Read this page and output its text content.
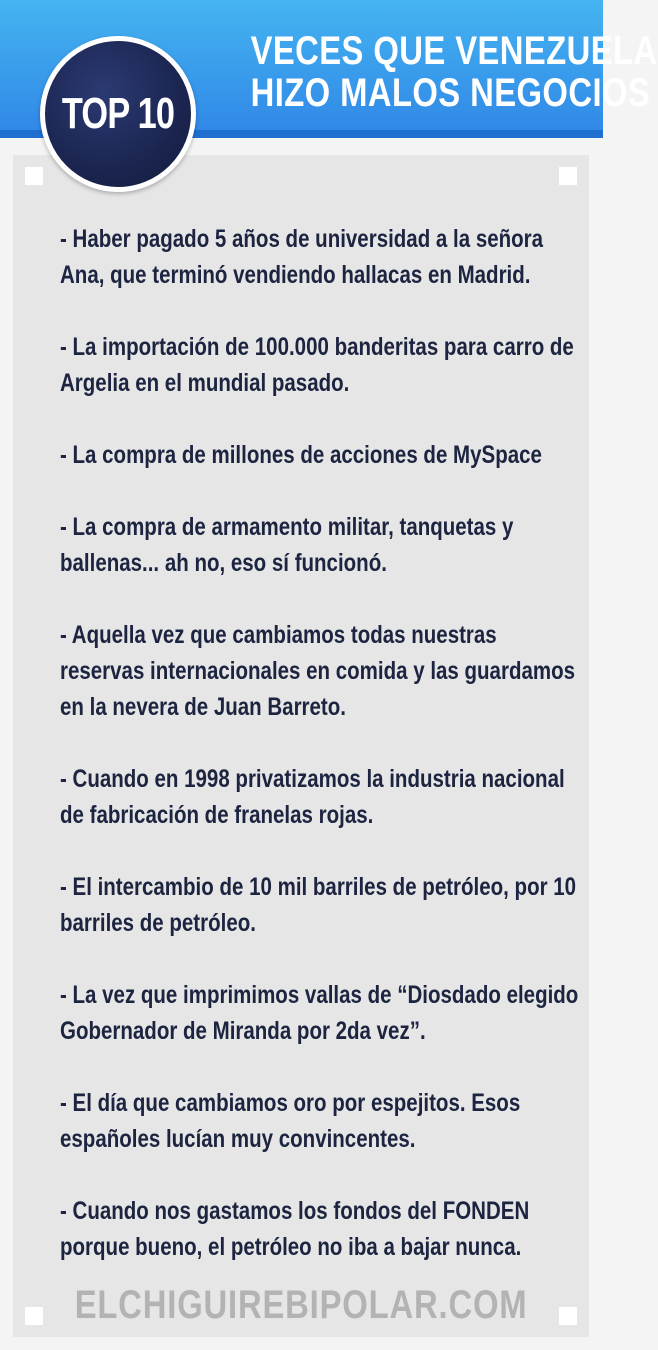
VECES QUE VENEZUELA
HIZO MALOS NEGOCIOS
TOP 10
- Haber pagado 5 años de universidad a la señora Ana, que terminó vendiendo hallacas en Madrid.
- La importación de 100.000 banderitas para carro de Argelia en el mundial pasado.
- La compra de millones de acciones de MySpace
- La compra de armamento militar, tanquetas y ballenas... ah no, eso sí funcionó.
- Aquella vez que cambiamos todas nuestras reservas internacionales en comida y las guardamos en la nevera de Juan Barreto.
- Cuando en 1998 privatizamos la industria nacional de fabricación de franelas rojas.
- El intercambio de 10 mil barriles de petróleo, por 10 barriles de petróleo.
- La vez que imprimimos vallas de “Diosdado elegido Gobernador de Miranda por 2da vez”.
- El día que cambiamos oro por espejitos. Esos españoles lucían muy convincentes.
- Cuando nos gastamos los fondos del FONDEN porque bueno, el petróleo no iba a bajar nunca.
ELCHIGUIREBIPOLAR.COM
